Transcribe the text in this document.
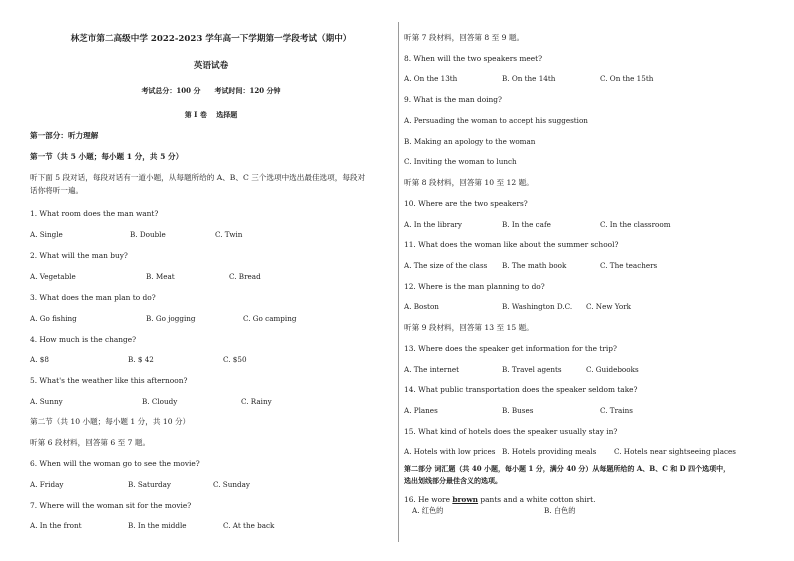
林芝市第二高级中学 2022-2023 学年高一下学期第一学段考试（期中）
英语试卷
考试总分：100 分　　考试时间：120 分钟
第 I 卷　 选择题
第一部分：听力理解
第一节（共 5 小题；每小题 1 分，共 5 分）
听下面 5 段对话，每段对话有一道小题，从每题所给的 A、B、C 三个选项中选出最佳选项，每段对
话你将听一遍。
1. What room does the man want?
A. Single	B. Double	C. Twin
2. What will the man buy?
A. Vegetable	B. Meat	C. Bread
3. What does the man plan to do?
A. Go fishing	B. Go jogging	C. Go camping
4. How much is the change?
A. $8	B. $ 42	C. $50
5. What's the weather like this afternoon?
A. Sunny	B. Cloudy	C. Rainy
第二节（共 10 小题；每小题 1 分，共 10 分）
听第 6 段材料，回答第 6 至 7 题。
6. When will the woman go to see the movie?
A. Friday	B. Saturday	C. Sunday
7. Where will the woman sit for the movie?
A. In the front	B. In the middle	C. At the back
听第 7 段材料，回答第 8 至 9 题。
8. When will the two speakers meet?
A. On the 13th	B. On the 14th	C. On the 15th
9. What is the man doing?
A. Persuading the woman to accept his suggestion
B. Making an apology to the woman
C. Inviting the woman to lunch
听第 8 段材料，回答第 10 至 12 题。
10. Where are the two speakers?
A. In the library	B. In the cafe	C. In the classroom
11. What does the woman like about the summer school?
A. The size of the class B. The math book	C. The teachers
12. Where is the man planning to do?
A. Boston	B. Washington D.C. C. New York
听第 9 段材料，回答第 13 至 15 题。
13. Where does the speaker get information for the trip?
A. The internet	B. Travel agents	C. Guidebooks
14. What public transportation does the speaker seldom take?
A. Planes	B. Buses	C. Trains
15. What kind of hotels does the speaker usually stay in?
A. Hotels with low prices B. Hotels providing meals C. Hotels near sightseeing places
第二部分 词汇题（共 40 小题，每小题 1 分，满分 40 分）从每题所给的 A、B、C 和 D 四个选项中，
选出划线部分最佳含义的选项。
16. He wore brown pants and a white cotton shirt.
A. 红色的	B. 白色的
